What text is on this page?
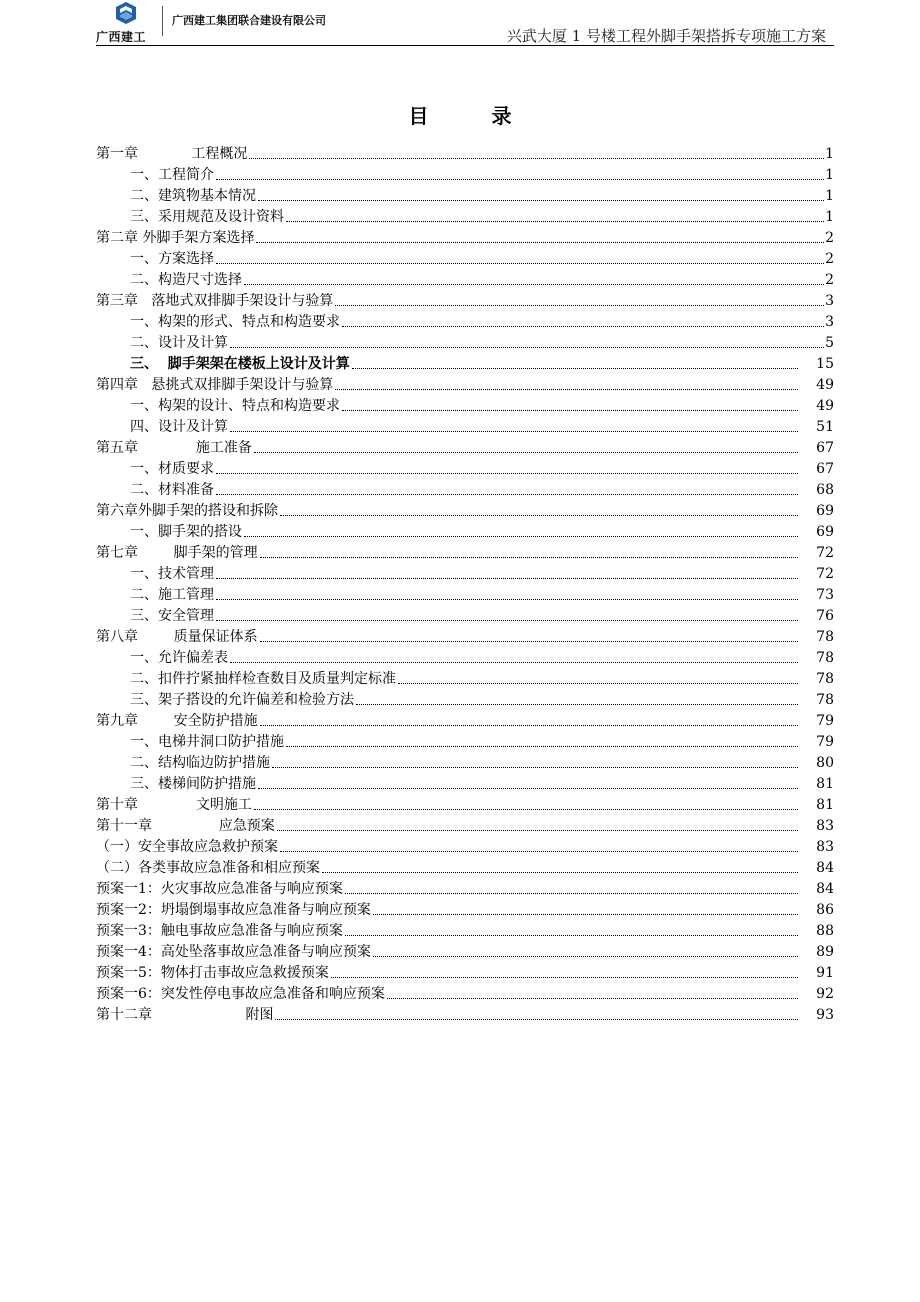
广西建工
广西建工集团联合建设有限公司
兴武大厦 1 号楼工程外脚手架搭拆专项施工方案
目 录
第一章            工程概况	1
一、工程简介	1
二、建筑物基本情况	1
三、采用规范及设计资料	1
第二章 外脚手架方案选择	2
一、方案选择	2
二、构造尺寸选择	2
第三章   落地式双排脚手架设计与验算	3
一、构架的形式、特点和构造要求	3
二、设计及计算	5
三、  脚手架架在楼板上设计及计算	15
第四章   悬挑式双排脚手架设计与验算	49
一、构架的设计、特点和构造要求	49
四、设计及计算	51
第五章             施工准备	67
一、材质要求	67
二、材料准备	68
第六章外脚手架的搭设和拆除	69
一、脚手架的搭设	69
第七章        脚手架的管理	72
一、技术管理	72
二、施工管理	73
三、安全管理	76
第八章        质量保证体系	78
一、允许偏差表	78
二、扣件拧紧抽样检查数目及质量判定标准	78
三、架子搭设的允许偏差和检验方法	78
第九章        安全防护措施	79
一、电梯井洞口防护措施	79
二、结构临边防护措施	80
三、楼梯间防护措施	81
第十章             文明施工	81
第十一章               应急预案	83
（一）安全事故应急救护预案	83
（二）各类事故应急准备和相应预案	84
预案一1：火灾事故应急准备与响应预案	84
预案一2：坍塌倒塌事故应急准备与响应预案	86
预案一3：触电事故应急准备与响应预案	88
预案一4：高处坠落事故应急准备与响应预案	89
预案一5：物体打击事故应急救援预案	91
预案一6：突发性停电事故应急准备和响应预案	92
第十二章                     附图	93
